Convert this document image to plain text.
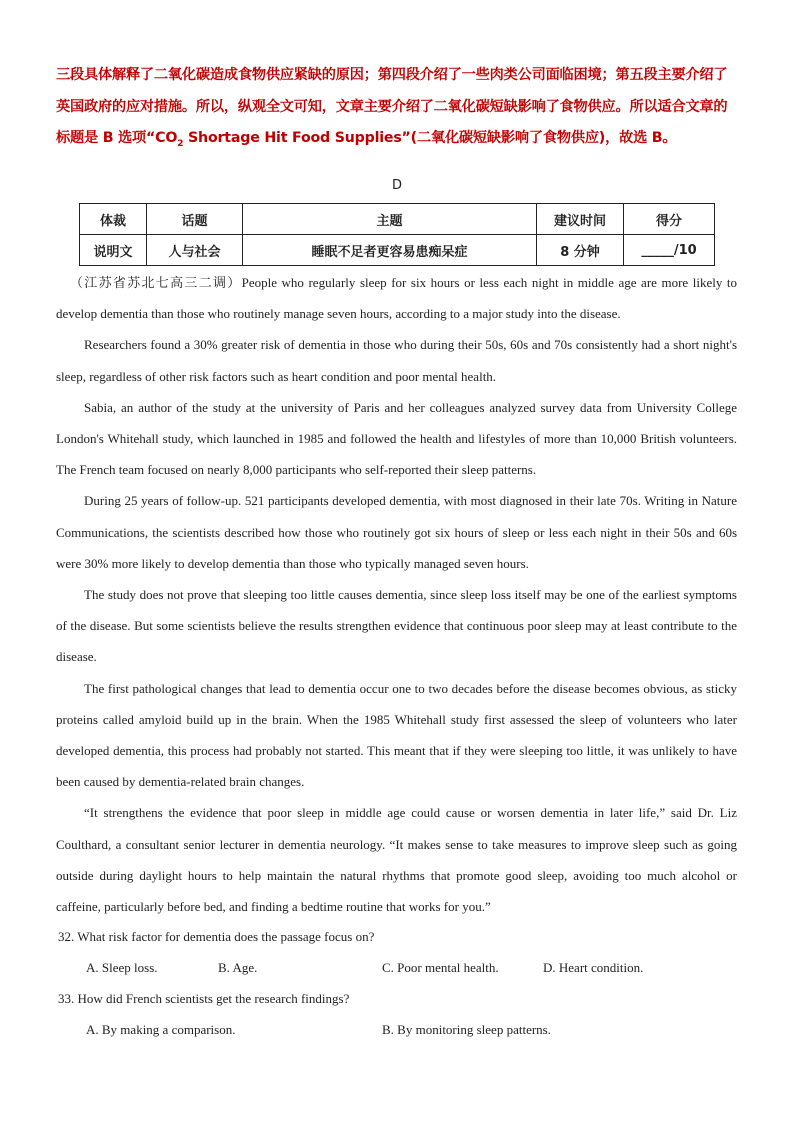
三段具体解释了二氧化碳造成食物供应紧缺的原因；第四段介绍了一些肉类公司面临困境；第五段主要介绍了
英国政府的应对措施。所以，纵观全文可知，文章主要介绍了二氧化碳短缺影响了食物供应。所以适合文章的
标题是 B 选项“$CO_2$ Shortage Hit Food Supplies”(二氧化碳短缺影响了食物供应)，故选 B。
D
体裁	话题	主题	建议时间	得分
说明文	人与社会	睡眠不足者更容易患痴呆症	8 分钟	_____/10

（江苏省苏北七高三二调）People who regularly sleep for six hours or less each night in middle age are more likely to develop dementia than those who routinely manage seven hours, according to a major study into the disease.

Researchers found a 30% greater risk of dementia in those who during their 50s, 60s and 70s consistently had a short night's sleep, regardless of other risk factors such as heart condition and poor mental health.

Sabia, an author of the study at the university of Paris and her colleagues analyzed survey data from University College London's Whitehall study, which launched in 1985 and followed the health and lifestyles of more than 10,000 British volunteers. The French team focused on nearly 8,000 participants who self-reported their sleep patterns.

During 25 years of follow-up. 521 participants developed dementia, with most diagnosed in their late 70s. Writing in Nature Communications, the scientists described how those who routinely got six hours of sleep or less each night in their 50s and 60s were 30% more likely to develop dementia than those who typically managed seven hours.

The study does not prove that sleeping too little causes dementia, since sleep loss itself may be one of the earliest symptoms of the disease. But some scientists believe the results strengthen evidence that continuous poor sleep may at least contribute to the disease.

The first pathological changes that lead to dementia occur one to two decades before the disease becomes obvious, as sticky proteins called amyloid build up in the brain. When the 1985 Whitehall study first assessed the sleep of volunteers who later developed dementia, this process had probably not started. This meant that if they were sleeping too little, it was unlikely to have been caused by dementia-related brain changes.

“It strengthens the evidence that poor sleep in middle age could cause or worsen dementia in later life,” said Dr. Liz Coulthard, a consultant senior lecturer in dementia neurology. “It makes sense to take measures to improve sleep such as going outside during daylight hours to help maintain the natural rhythms that promote good sleep, avoiding too much alcohol or caffeine, particularly before bed, and finding a bedtime routine that works for you.”

32. What risk factor for dementia does the passage focus on?
A. Sleep loss.	B. Age.	C. Poor mental health.	D. Heart condition.
33. How did French scientists get the research findings?
A. By making a comparison.	B. By monitoring sleep patterns.
